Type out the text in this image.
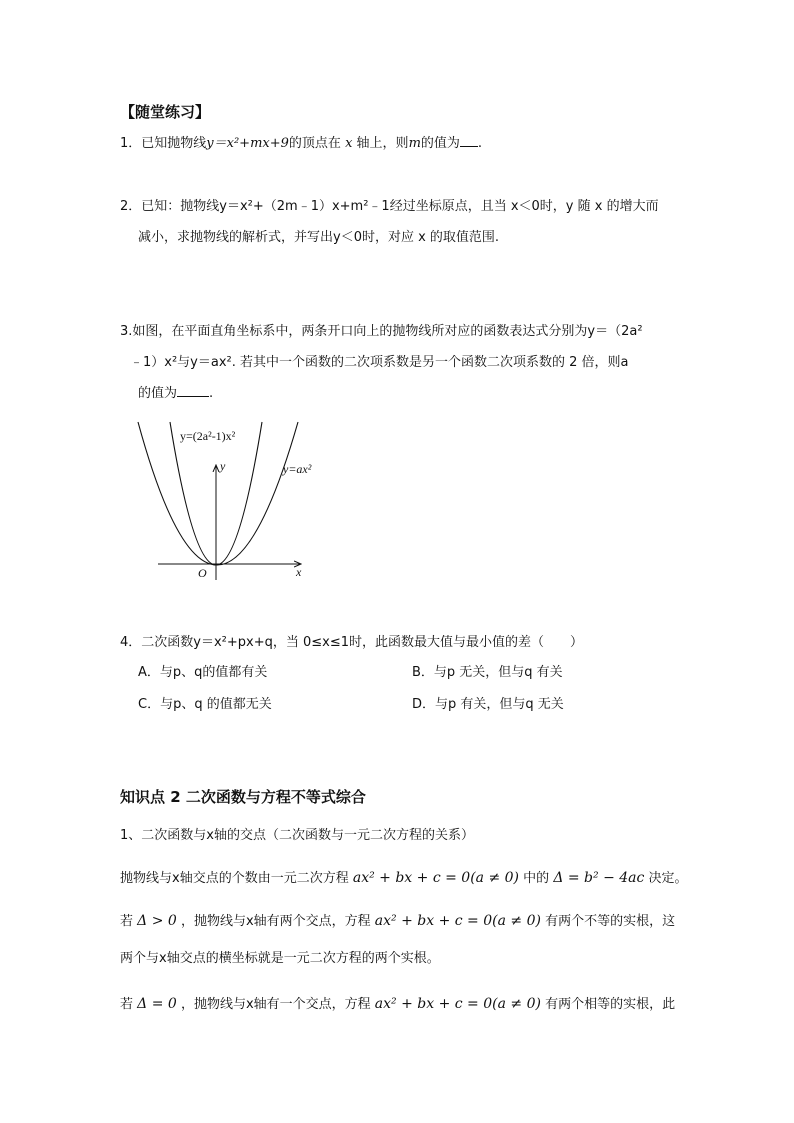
【随堂练习】
1．已知抛物线y＝x²+mx+9的顶点在 x 轴上，则m的值为 .
2．已知：抛物线y＝x²+（2m﹣1）x+m²﹣1经过坐标原点，且当 x＜0时，y 随 x 的增大而
减小，求抛物线的解析式，并写出y＜0时，对应 x 的取值范围.
3.如图，在平面直角坐标系中，两条开口向上的抛物线所对应的函数表达式分别为y＝（2a²
﹣1）x²与y＝ax². 若其中一个函数的二次项系数是另一个函数二次项系数的 2 倍，则a
的值为 .
y=(2a²-1)x²
y=ax²
y
x
O
4．二次函数y＝x²+px+q，当 0≤x≤1时，此函数最大值与最小值的差（　　）
A．与p、q的值都有关	B．与p 无关，但与q 有关
C．与p、q 的值都无关	D．与p 有关，但与q 无关
知识点 2 二次函数与方程不等式综合
1、二次函数与x轴的交点（二次函数与一元二次方程的关系）
抛物线与x轴交点的个数由一元二次方程 ax² + bx + c = 0(a ≠ 0) 中的 Δ = b² − 4ac 决定。
若 Δ > 0 ，抛物线与x轴有两个交点，方程 ax² + bx + c = 0(a ≠ 0) 有两个不等的实根，这
两个与x轴交点的横坐标就是一元二次方程的两个实根。
若 Δ = 0 ，抛物线与x轴有一个交点，方程 ax² + bx + c = 0(a ≠ 0) 有两个相等的实根，此
